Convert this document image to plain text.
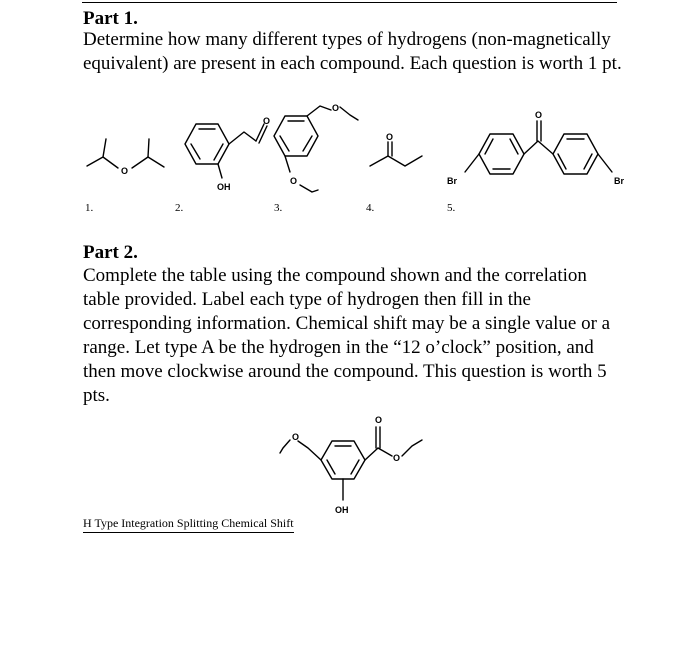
Part 1.
Determine how many different types of hydrogens (non-magnetically equivalent) are present in each compound. Each question is worth 1 pt.
O
OH
O
O
O
O
Br	Br
O
O
O
O
OH
1.	2.	3.	4.	5.
Part 2.
Complete the table using the compound shown and the correlation table provided. Label each type of hydrogen then fill in the corresponding information. Chemical shift may be a single value or a range. Let type A be the hydrogen in the “12 o’clock” position, and then move clockwise around the compound. This question is worth 5 pts.
H Type Integration Splitting Chemical Shift
